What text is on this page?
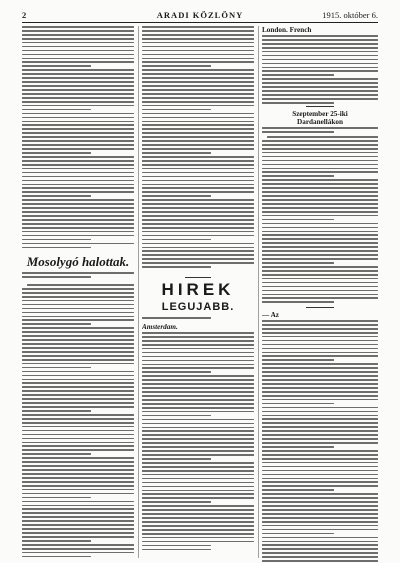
2	ARADI KÖZLÖNY	1915. október 6.
Mosolygó halottak.
HIREK
LEGUJABB.
Amsterdam.
London. French
Szeptember 25-iki
Dardanellákon
— Az
